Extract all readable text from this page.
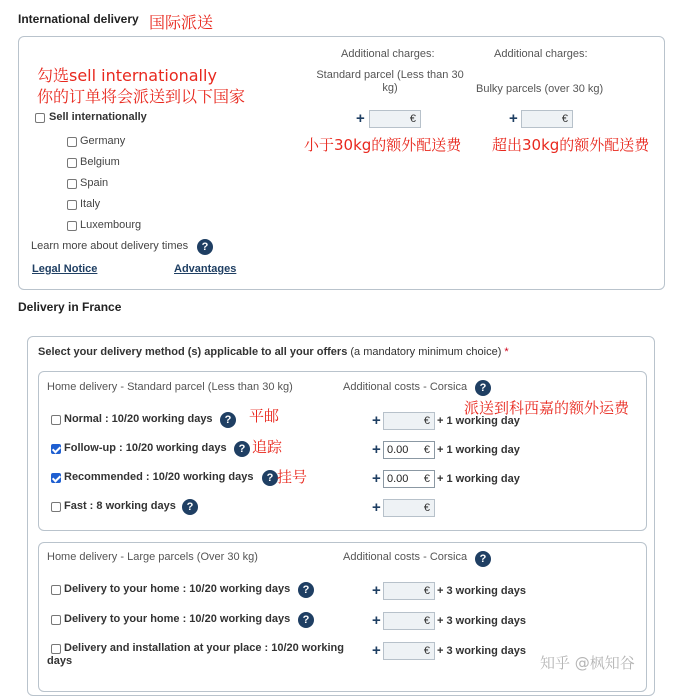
International delivery 国际派送
勾选sell internationally
你的订单将会派送到以下国家
Additional charges:
Standard parcel (Less than 30 kg)
Additional charges:
Bulky parcels (over 30 kg)
Sell internationally	+	€	+	€
小于30kg的额外配送费 超出30kg的额外配送费
Germany
Belgium
Spain
Italy
Luxembourg
Learn more about delivery times	?
Legal Notice	Advantages
Delivery in France
Select your delivery method (s) applicable to all your offers (a mandatory minimum choice) *
Home delivery - Standard parcel (Less than 30 kg)	Additional costs - Corsica	?
派送到科西嘉的额外运费
Normal : 10/20 working days	?	平邮	+	€ + 1 working day
Follow-up : 10/20 working days	? 追踪	+ 0.00 € + 1 working day
Recommended : 10/20 working days	? 挂号	+ 0.00 € + 1 working day
Fast : 8 working days ?	+	€
Home delivery - Large parcels (Over 30 kg)	Additional costs - Corsica	?
Delivery to your home : 10/20 working days	?	+	€ + 3 working days
Delivery to your home : 10/20 working days	?	+	€ + 3 working days
Delivery and installation at your place : 10/20 working days
+	€ + 3 working days
知乎 @枫知谷
